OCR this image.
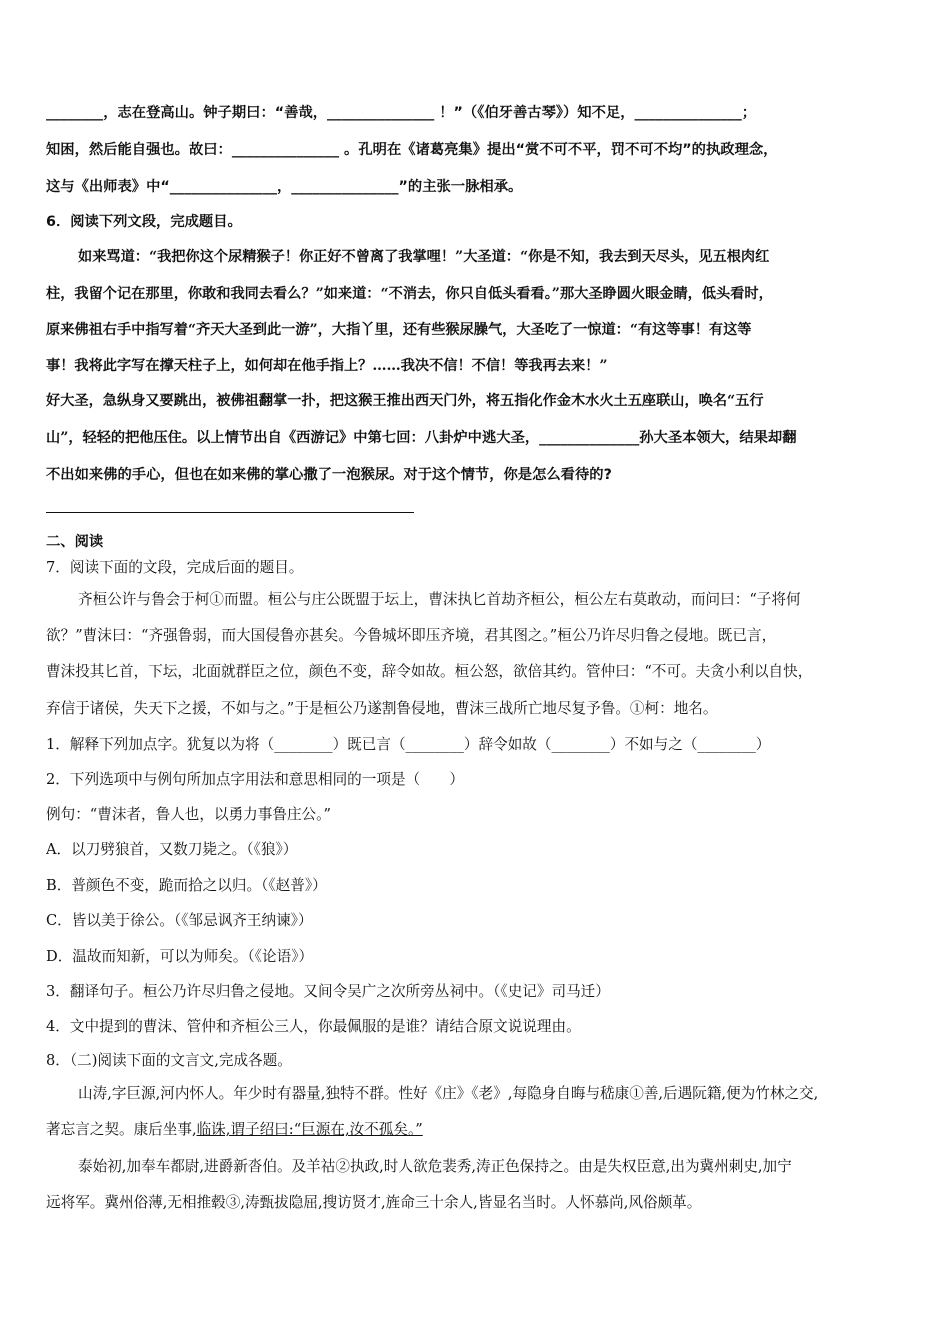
________，志在登高山。钟子期曰：“善哉，_______________ ！”（《伯牙善古琴》）知不足，_______________；
知困，然后能自强也。故曰：_______________ 。孔明在《诸葛亮集》提出“赏不可不平，罚不可不均”的执政理念，
这与《出师表》中“_______________，_______________”的主张一脉相承。
6．阅读下列文段，完成题目。
如来骂道：“我把你这个尿精猴子！你正好不曾离了我掌哩！”大圣道：“你是不知，我去到天尽头，见五根肉红
柱，我留个记在那里，你敢和我同去看么？”如来道：“不消去，你只自低头看看。”那大圣睁圆火眼金睛，低头看时，
原来佛祖右手中指写着“齐天大圣到此一游”，大指丫里，还有些猴尿臊气，大圣吃了一惊道：“有这等事！有这等
事！我将此字写在撑天柱子上，如何却在他手指上？……我决不信！不信！等我再去来！”
好大圣，急纵身又要跳出，被佛祖翻掌一扑，把这猴王推出西天门外，将五指化作金木水火土五座联山，唤名“五行
山”，轻轻的把他压住。以上情节出自《西游记》中第七回：八卦炉中逃大圣，______________孙大圣本领大，结果却翻
不出如来佛的手心，但也在如来佛的掌心撒了一泡猴尿。对于这个情节，你是怎么看待的?
二、阅读
7．阅读下面的文段，完成后面的题目。
齐桓公许与鲁会于柯①而盟。桓公与庄公既盟于坛上，曹沫执匕首劫齐桓公，桓公左右莫敢动，而问曰：“子将何
欲？”曹沫曰：“齐强鲁弱，而大国侵鲁亦甚矣。今鲁城坏即压齐境，君其图之。”桓公乃许尽归鲁之侵地。既已言，
曹沫投其匕首，下坛，北面就群臣之位，颜色不变，辞令如故。桓公怒，欲倍其约。管仲曰：“不可。夫贪小利以自快，
弃信于诸侯，失天下之援，不如与之。”于是桓公乃遂割鲁侵地，曹沫三战所亡地尽复予鲁。①柯：地名。
1．解释下列加点字。犹复以为将（________）既已言（________）辞令如故（________）不如与之（________）
2．下列选项中与例句所加点字用法和意思相同的一项是（　　）
例句：“曹沫者，鲁人也，以勇力事鲁庄公。”
A．以刀劈狼首，又数刀毙之。（《狼》）
B．普颜色不变，跪而拾之以归。（《赵普》）
C．皆以美于徐公。（《邹忌讽齐王纳谏》）
D．温故而知新，可以为师矣。（《论语》）
3．翻译句子。桓公乃许尽归鲁之侵地。又间令吴广之次所旁丛祠中。（《史记》司马迁）
4．文中提到的曹沫、管仲和齐桓公三人，你最佩服的是谁？请结合原文说说理由。
8．（二)阅读下面的文言文,完成各题。
山涛,字巨源,河内怀人。年少时有器量,独特不群。性好《庄》《老》,每隐身自晦与嵇康①善,后遇阮籍,便为竹林之交,
著忘言之契。康后坐事,临诛,谓子绍曰:“巨源在,汝不孤矣。”
泰始初,加奉车都尉,进爵新沓伯。及羊祜②执政,时人欲危裴秀,涛正色保持之。由是失权臣意,出为冀州刺史,加宁
远将军。冀州俗薄,无相推毂③,涛甄拔隐屈,搜访贤才,旌命三十余人,皆显名当时。人怀慕尚,风俗颇革。
